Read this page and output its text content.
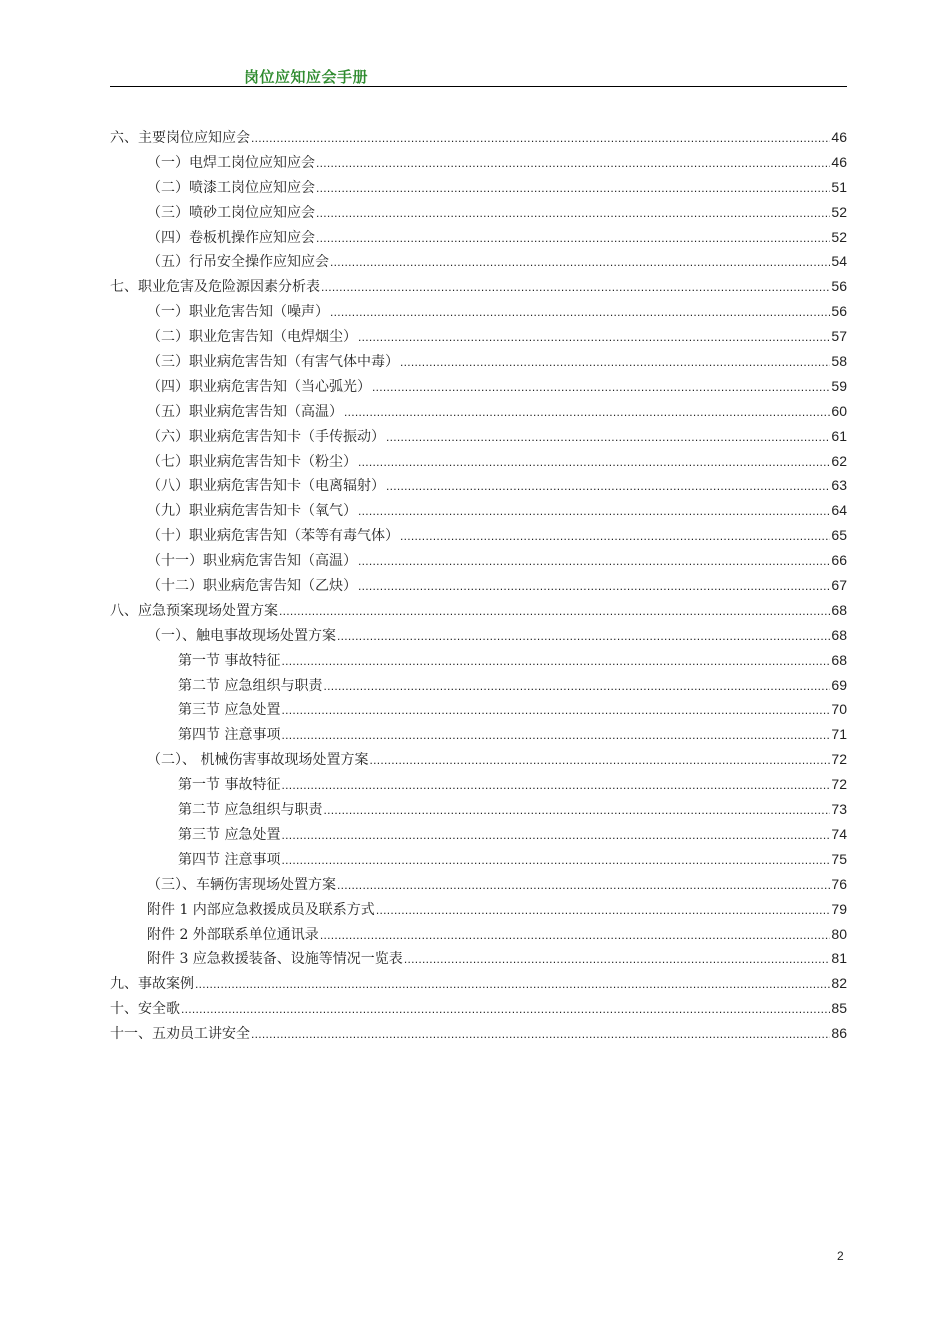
岗位应知应会手册
六、主要岗位应知应会 .....	46
（一）电焊工岗位应知应会 .....	46
（二）喷漆工岗位应知应会 .....	51
（三）喷砂工岗位应知应会 .....	52
（四）卷板机操作应知应会 .....	52
（五）行吊安全操作应知应会 .....	54
七、职业危害及危险源因素分析表 .....	56
（一）职业危害告知（噪声） .....	56
（二）职业危害告知（电焊烟尘） .....	57
（三）职业病危害告知（有害气体中毒） .....	58
（四）职业病危害告知（当心弧光） .....	59
（五）职业病危害告知（高温） .....	60
（六）职业病危害告知卡（手传振动） .....	61
（七）职业病危害告知卡（粉尘） .....	62
（八）职业病危害告知卡（电离辐射） .....	63
（九）职业病危害告知卡（氧气） .....	64
（十）职业病危害告知（苯等有毒气体） .....	65
（十一）职业病危害告知（高温） .....	66
（十二）职业病危害告知（乙炔） .....	67
八、应急预案现场处置方案 .....	68
（一）、触电事故现场处置方案 .....	68
第一节 事故特征 .....	68
第二节 应急组织与职责 .....	69
第三节 应急处置 .....	70
第四节 注意事项 .....	71
（二）、 机械伤害事故现场处置方案 .....	72
第一节 事故特征 .....	72
第二节 应急组织与职责 .....	73
第三节 应急处置 .....	74
第四节 注意事项 .....	75
（三）、车辆伤害现场处置方案 .....	76
附件 1 内部应急救援成员及联系方式 .....	79
附件 2 外部联系单位通讯录 .....	80
附件 3 应急救援装备、设施等情况一览表 .....	81
九、事故案例 .....	82
十、安全歌 .....	85
十一、五劝员工讲安全 .....	86
2
